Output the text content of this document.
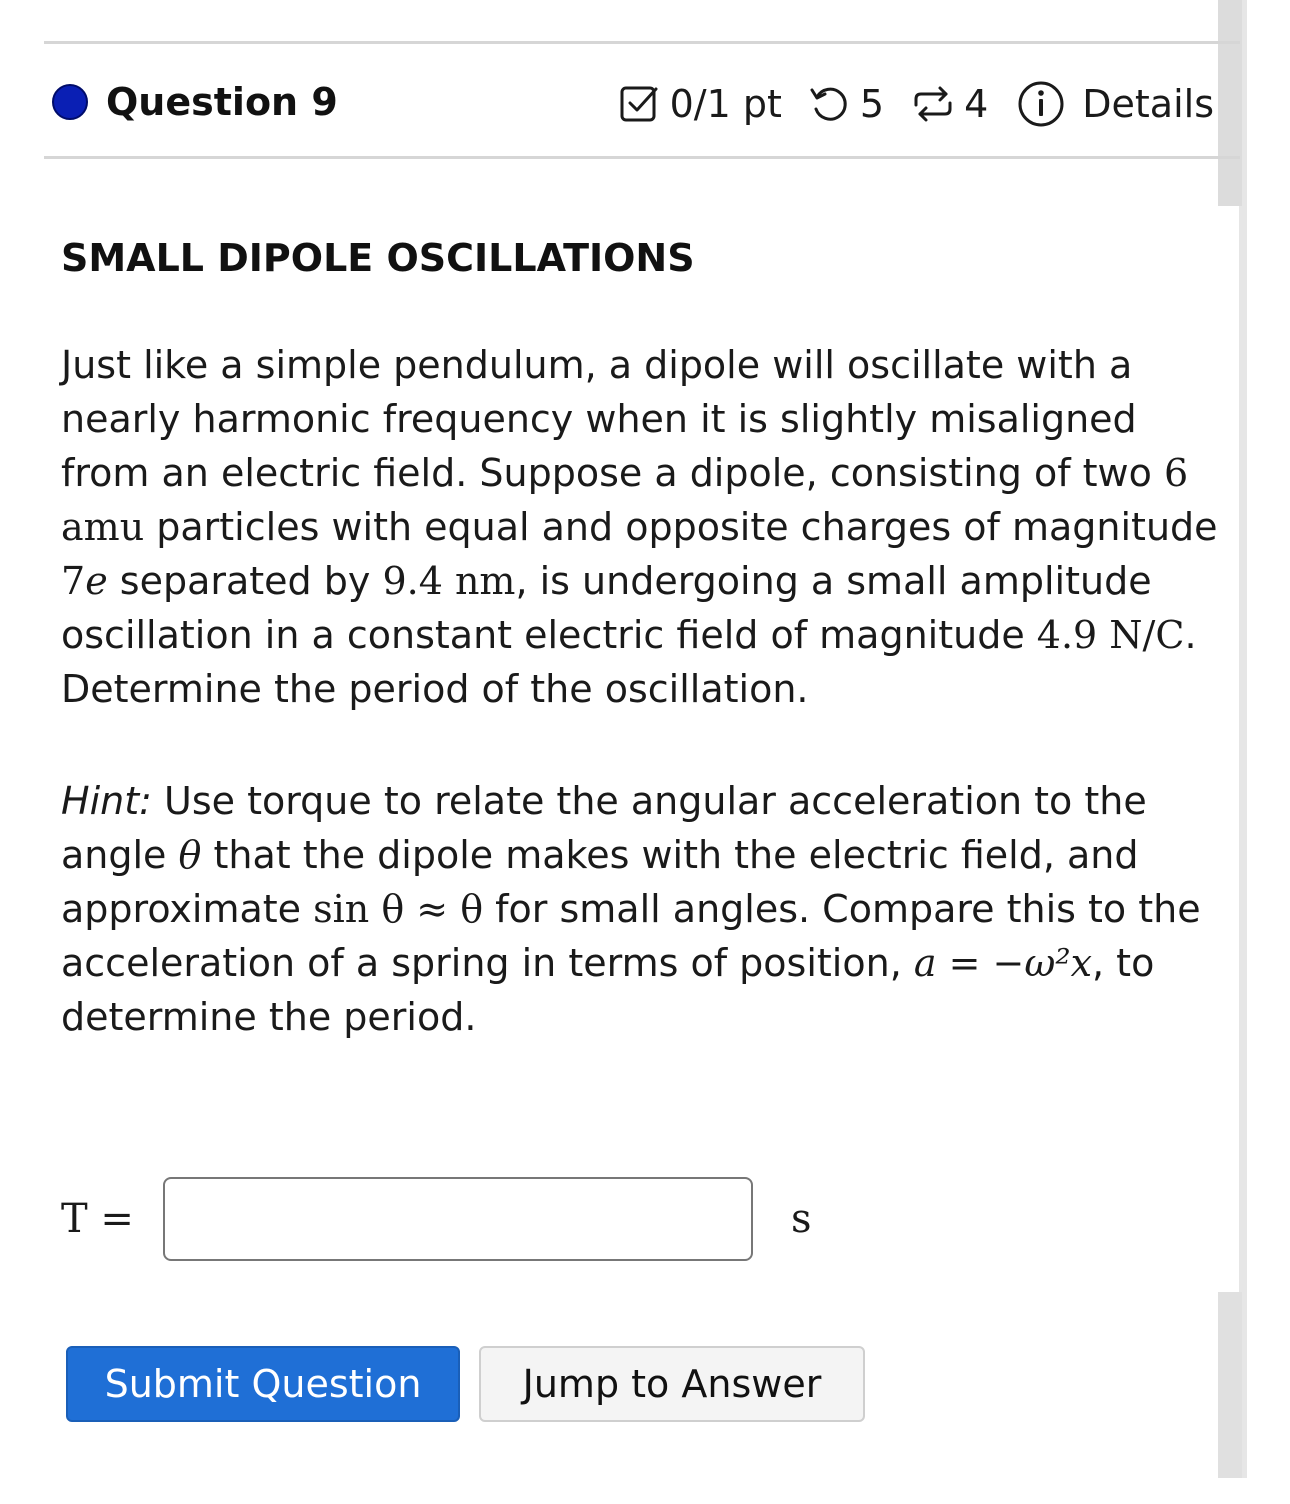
Question 9	0/1 pt 5 4 Details

SMALL DIPOLE OSCILLATIONS

Just like a simple pendulum, a dipole will oscillate with a nearly harmonic frequency when it is slightly misaligned from an electric field. Suppose a dipole, consisting of two 6 amu particles with equal and opposite charges of magnitude 7e separated by 9.4 nm, is undergoing a small amplitude oscillation in a constant electric field of magnitude 4.9 N/C. Determine the period of the oscillation.

Hint: Use torque to relate the angular acceleration to the angle θ that the dipole makes with the electric field, and approximate sin θ ≈ θ for small angles. Compare this to the acceleration of a spring in terms of position, a = −ω²x, to determine the period.

T =	s
Submit Question	Jump to Answer
